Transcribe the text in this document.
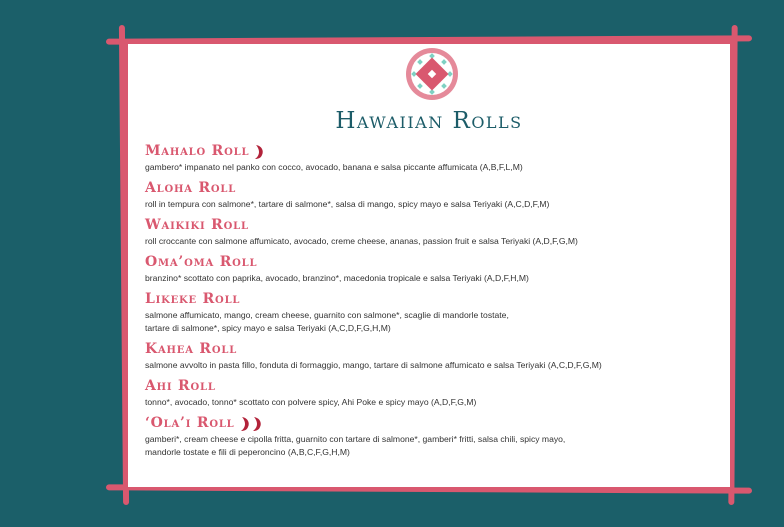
Hawaiian Rolls
Mahalo Roll
gambero* impanato nel panko con cocco, avocado, banana e salsa piccante affumicata (A,B,F,L,M)
Aloha Roll
roll in tempura con salmone*, tartare di salmone*, salsa di mango, spicy mayo e salsa Teriyaki (A,C,D,F,M)
Waikiki Roll
roll croccante con salmone affumicato, avocado, creme cheese, ananas, passion fruit e salsa Teriyaki (A,D,F,G,M)
Oma’oma Roll
branzino* scottato con paprika, avocado, branzino*, macedonia tropicale e salsa Teriyaki (A,D,F,H,M)
Likeke Roll
salmone affumicato, mango, cream cheese, guarnito con salmone*, scaglie di mandorle tostate,
tartare di salmone*, spicy mayo e salsa Teriyaki (A,C,D,F,G,H,M)
Kahea Roll
salmone avvolto in pasta fillo, fonduta di formaggio, mango, tartare di salmone affumicato e salsa Teriyaki (A,C,D,F,G,M)
Ahi Roll
tonno*, avocado, tonno* scottato con polvere spicy, Ahi Poke e spicy mayo (A,D,F,G,M)
‘Ola’i Roll
gamberi*, cream cheese e cipolla fritta, guarnito con tartare di salmone*, gamberi* fritti, salsa chili, spicy mayo,
mandorle tostate e fili di peperoncino (A,B,C,F,G,H,M)
